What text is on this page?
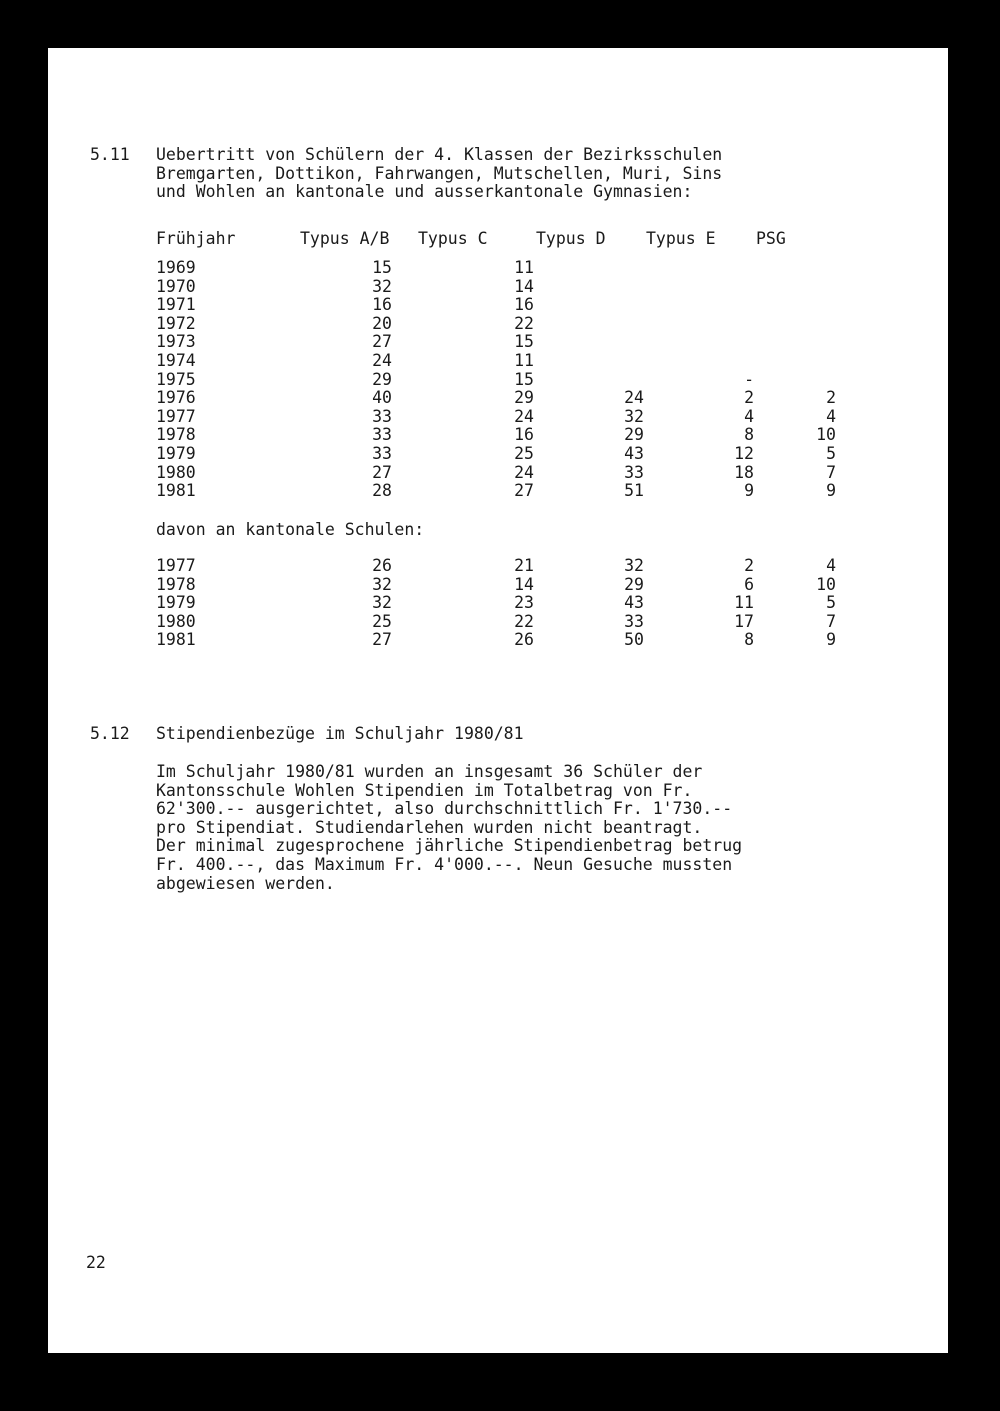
5.11 Uebertritt von Schülern der 4. Klassen der Bezirksschulen
Bremgarten, Dottikon, Fahrwangen, Mutschellen, Muri, Sins
und Wohlen an kantonale und ausserkantonale Gymnasien:
Frühjahr	Typus A/B	Typus C	Typus D	Typus E	PSG
1969	15	11			
1970	32	14			
1971	16	16			
1972	20	22			
1973	27	15			
1974	24	11			
1975	29	15		-	
1976	40	29	24	2	2
1977	33	24	32	4	4
1978	33	16	29	8	10
1979	33	25	43	12	5
1980	27	24	33	18	7
1981	28	27	51	9	9
davon an kantonale Schulen:
1977	26	21	32	2	4
1978	32	14	29	6	10
1979	32	23	43	11	5
1980	25	22	33	17	7
1981	27	26	50	8	9
5.12 Stipendienbezüge im Schuljahr 1980/81
Im Schuljahr 1980/81 wurden an insgesamt 36 Schüler der
Kantonsschule Wohlen Stipendien im Totalbetrag von Fr.
62'300.-- ausgerichtet, also durchschnittlich Fr. 1'730.--
pro Stipendiat. Studiendarlehen wurden nicht beantragt.
Der minimal zugesprochene jährliche Stipendienbetrag betrug
Fr. 400.--, das Maximum Fr. 4'000.--. Neun Gesuche mussten
abgewiesen werden.
22
